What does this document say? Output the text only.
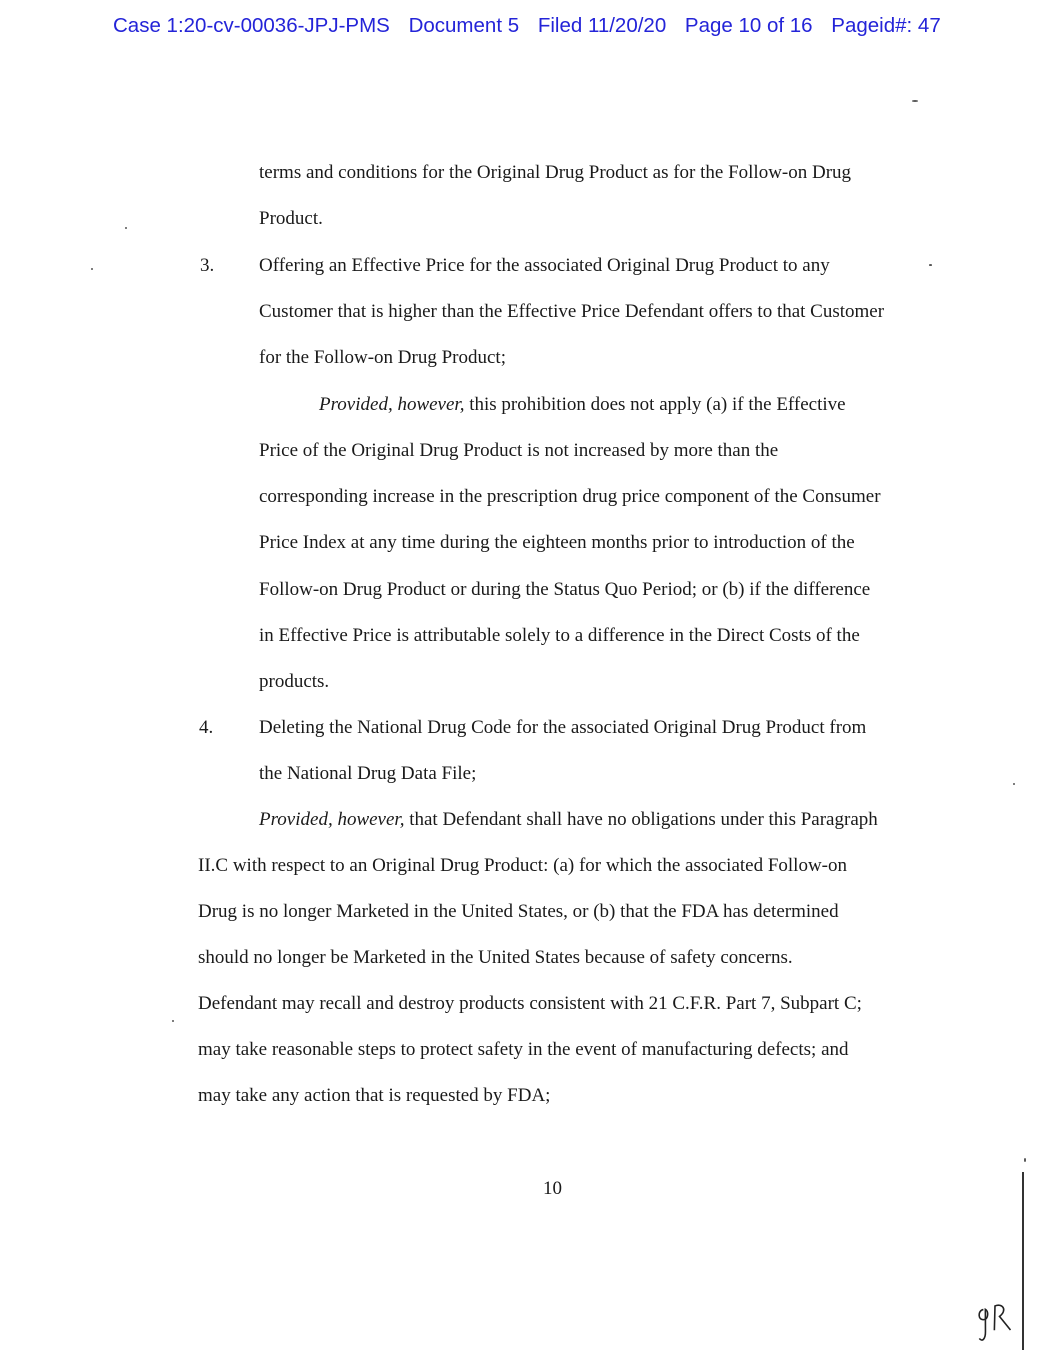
Case 1:20-cv-00036-JPJ-PMS Document 5 Filed 11/20/20 Page 10 of 16 Pageid#: 47
terms and conditions for the Original Drug Product as for the Follow-on Drug
Product.
3. Offering an Effective Price for the associated Original Drug Product to any
Customer that is higher than the Effective Price Defendant offers to that Customer
for the Follow-on Drug Product;
Provided, however, this prohibition does not apply (a) if the Effective
Price of the Original Drug Product is not increased by more than the
corresponding increase in the prescription drug price component of the Consumer
Price Index at any time during the eighteen months prior to introduction of the
Follow-on Drug Product or during the Status Quo Period; or (b) if the difference
in Effective Price is attributable solely to a difference in the Direct Costs of the
products.
4. Deleting the National Drug Code for the associated Original Drug Product from
the National Drug Data File;
Provided, however, that Defendant shall have no obligations under this Paragraph
II.C with respect to an Original Drug Product: (a) for which the associated Follow-on
Drug is no longer Marketed in the United States, or (b) that the FDA has determined
should no longer be Marketed in the United States because of safety concerns.
Defendant may recall and destroy products consistent with 21 C.F.R. Part 7, Subpart C;
may take reasonable steps to protect safety in the event of manufacturing defects; and
may take any action that is requested by FDA;
10
